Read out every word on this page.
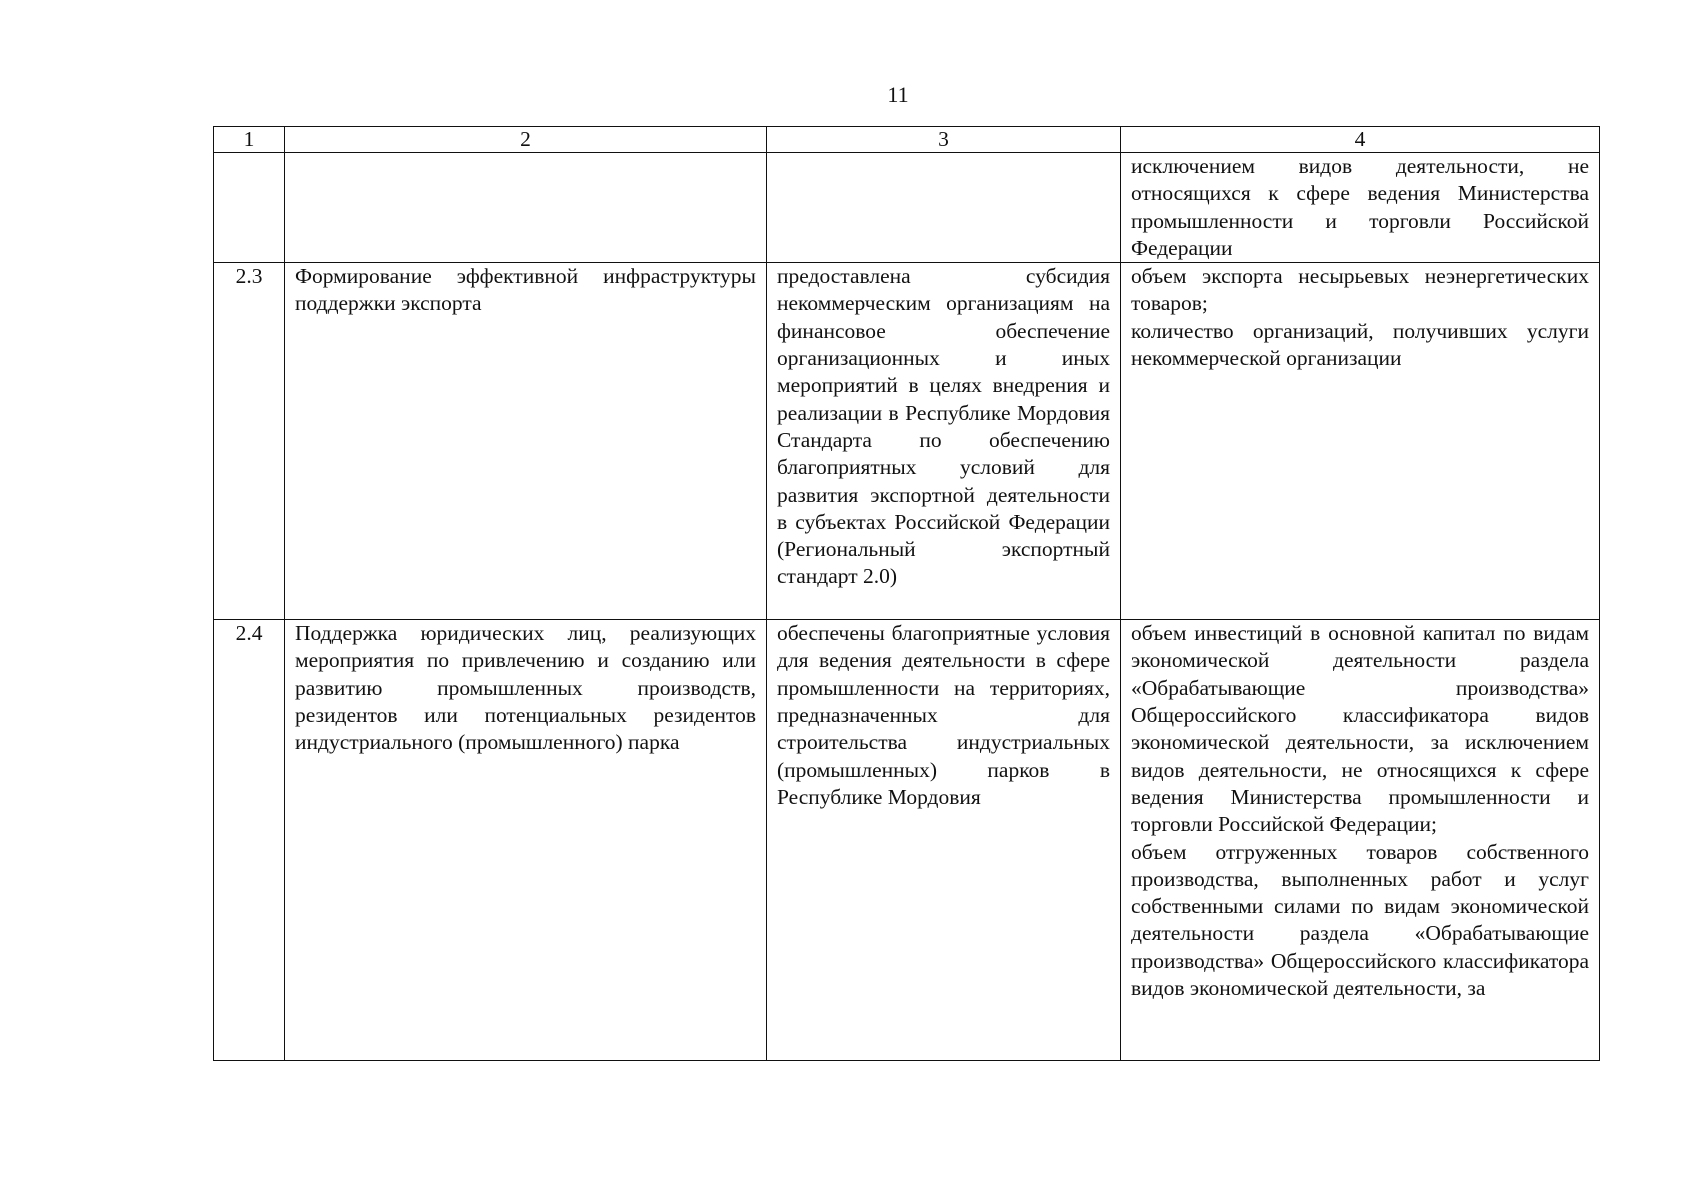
11
1	2	3	4

			исключением видов деятельности, не относящихся к сфере ведения Министерства промышленности и торговли Российской Федерации

2.3	Формирование эффективной инфраструктуры поддержки экспорта	предоставлена субсидия некоммерческим организациям на финансовое обеспечение организационных и иных мероприятий в целях внедрения и реализации в Республике Мордовия Стандарта по обеспечению благоприятных условий для развития экспортной деятельности в субъектах Российской Федерации (Региональный экспортный стандарт 2.0)	объем экспорта несырьевых неэнергетических товаров;
количество организаций, получивших услуги некоммерческой организации

2.4	Поддержка юридических лиц, реализующих мероприятия по привлечению и созданию или развитию промышленных производств, резидентов или потенциальных резидентов индустриального (промышленного) парка	обеспечены благоприятные условия для ведения деятельности в сфере промышленности на территориях, предназначенных для строительства индустриальных (промышленных) парков в Республике Мордовия	объем инвестиций в основной капитал по видам экономической деятельности раздела «Обрабатывающие производства» Общероссийского классификатора видов экономической деятельности, за исключением видов деятельности, не относящихся к сфере ведения Министерства промышленности и торговли Российской Федерации;
объем отгруженных товаров собственного производства, выполненных работ и услуг собственными силами по видам экономической деятельности раздела «Обрабатывающие производства» Общероссийского классификатора видов экономической деятельности, за
